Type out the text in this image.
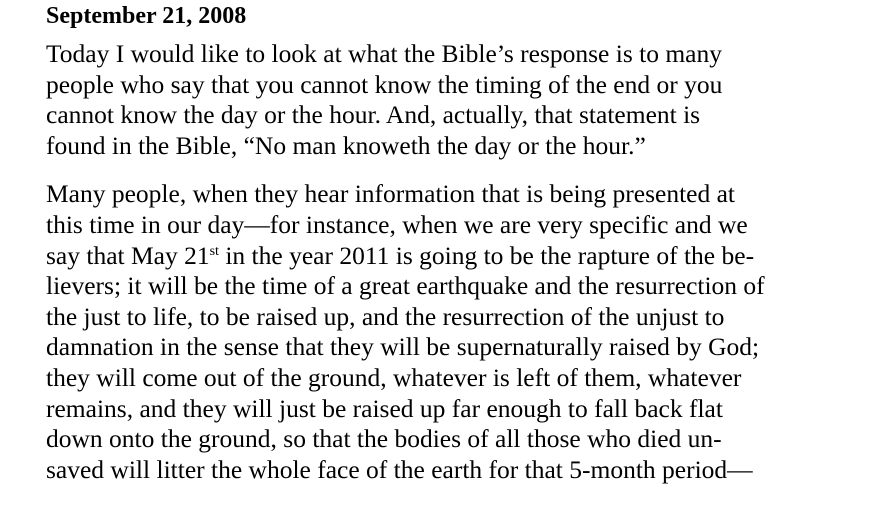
September 21, 2008
Today I would like to look at what the Bible’s response is to many
people who say that you cannot know the timing of the end or you
cannot know the day or the hour. And, actually, that statement is
found in the Bible, “No man knoweth the day or the hour.”
Many people, when they hear information that is being presented at
this time in our day—for instance, when we are very specific and we
say that May 21st in the year 2011 is going to be the rapture of the be-
lievers; it will be the time of a great earthquake and the resurrection of
the just to life, to be raised up, and the resurrection of the unjust to
damnation in the sense that they will be supernaturally raised by God;
they will come out of the ground, whatever is left of them, whatever
remains, and they will just be raised up far enough to fall back flat
down onto the ground, so that the bodies of all those who died un-
saved will litter the whole face of the earth for that 5-month period—
